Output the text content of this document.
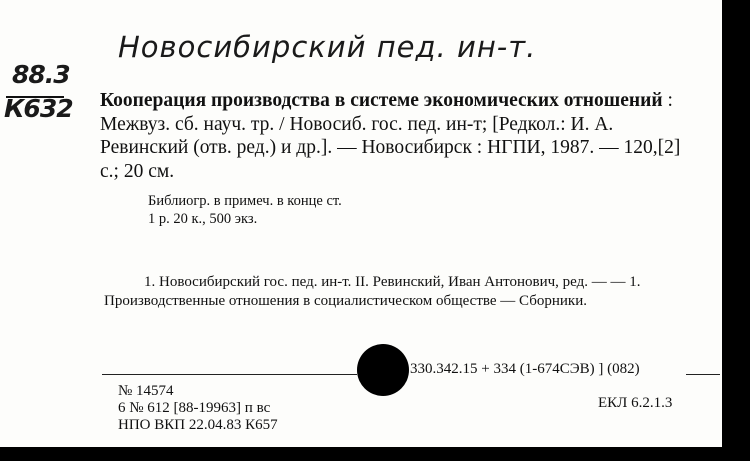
Новосибирский пед. ин-т.
88.3
К632 Кооперация производства в системе экономических отношений : Межвуз. сб. науч. тр. / Новосиб. гос. пед. ин-т; [Редкол.: И. А. Ревинский (отв. ред.) и др.]. — Новосибирск : НГПИ, 1987. — 120,[2] с.; 20 см.

Библиогр. в примеч. в конце ст.

1 р. 20 к., 500 экз.

1. Новосибирский гос. пед. ин-т. II. Ревинский, Иван Антонович, ред. — — 1. Производственные отношения в социалистическом обществе — Сборники.

330.342.15 + 334 (1-674СЭВ) ] (082)
№ 14574
6 № 612 [88-19963] п вс
НПО ВКП 22.04.83 К657
ЕКЛ 6.2.1.3
